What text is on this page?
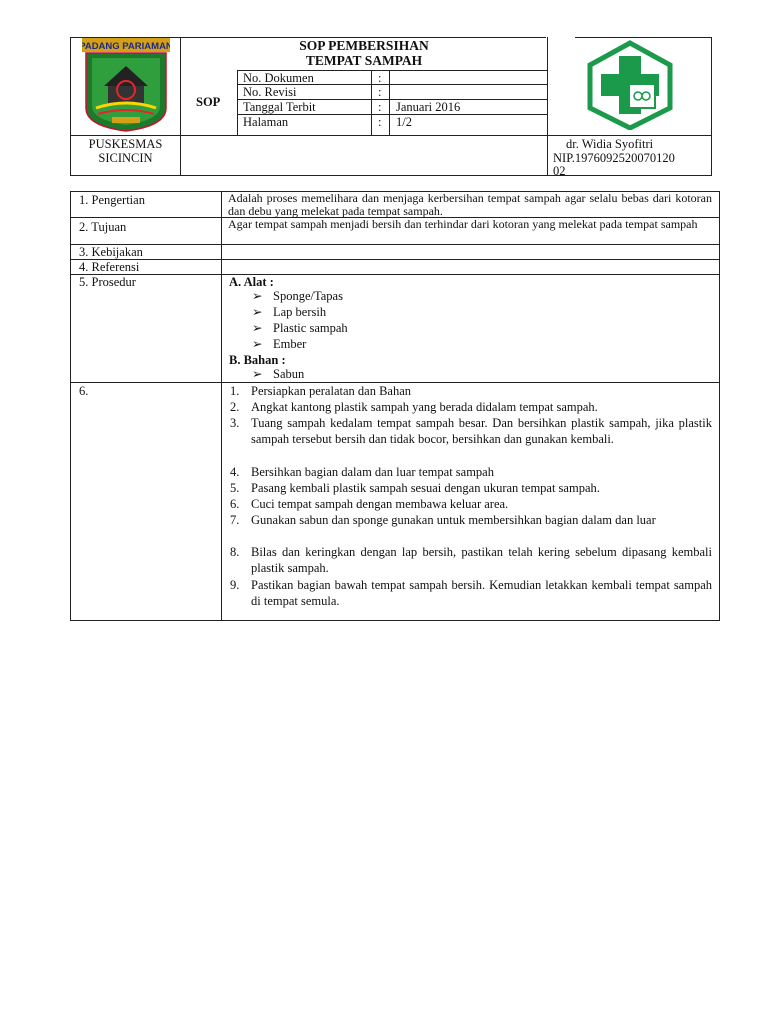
PADANG PARIAMAN	SOP PEMBERSIHAN
TEMPAT SAMPAH
SOP
No. Dokumen	:
No. Revisi	:
Tanggal Terbit	: Januari 2016
Halaman	: 1/2
PUSKESMAS
SICINCIN
dr. Widia Syofitri
NIP.1976092520070120
02
1. Pengertian	Adalah proses memelihara dan menjaga kerbersihan tempat sampah agar selalu bebas dari kotoran dan debu yang melekat pada tempat sampah.
2. Tujuan	Agar tempat sampah menjadi bersih dan terhindar dari kotoran yang melekat pada tempat sampah
3. Kebijakan
4. Referensi
5. Prosedur	A. Alat :
➢ Sponge/Tapas
➢ Lap bersih
➢ Plastic sampah
➢ Ember
B. Bahan :
➢ Sabun
6.	1. Persiapkan peralatan dan Bahan
2. Angkat kantong plastik sampah yang berada didalam tempat sampah.
3. Tuang sampah kedalam tempat sampah besar. Dan bersihkan plastik sampah, jika plastik sampah tersebut bersih dan tidak bocor, bersihkan dan gunakan kembali.
4. Bersihkan bagian dalam dan luar tempat sampah
5. Pasang kembali plastik sampah sesuai dengan ukuran tempat sampah.
6. Cuci tempat sampah dengan membawa keluar area.
7. Gunakan sabun dan sponge gunakan untuk membersihkan bagian dalam dan luar
8. Bilas dan keringkan dengan lap bersih, pastikan telah kering sebelum dipasang kembali plastik sampah.
9. Pastikan bagian bawah tempat sampah bersih. Kemudian letakkan kembali tempat sampah di tempat semula.
